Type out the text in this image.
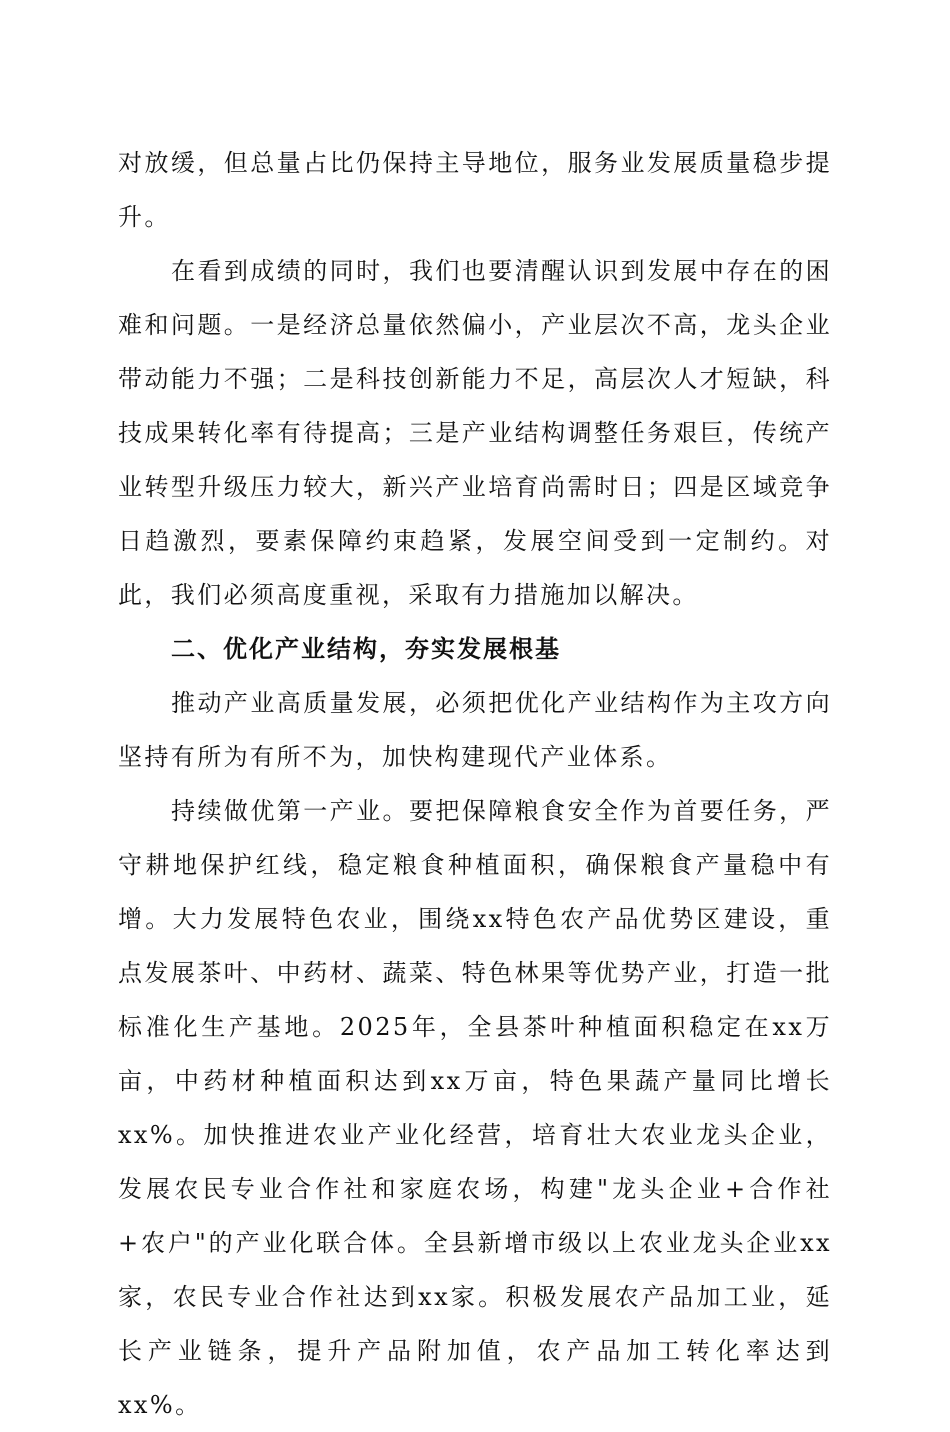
对放缓，但总量占比仍保持主导地位，服务业发展质量稳步提升。

在看到成绩的同时，我们也要清醒认识到发展中存在的困难和问题。一是经济总量依然偏小，产业层次不高，龙头企业带动能力不强；二是科技创新能力不足，高层次人才短缺，科技成果转化率有待提高；三是产业结构调整任务艰巨，传统产业转型升级压力较大，新兴产业培育尚需时日；四是区域竞争日趋激烈，要素保障约束趋紧，发展空间受到一定制约。对此，我们必须高度重视，采取有力措施加以解决。

二、优化产业结构，夯实发展根基

推动产业高质量发展，必须把优化产业结构作为主攻方向坚持有所为有所不为，加快构建现代产业体系。

持续做优第一产业。要把保障粮食安全作为首要任务，严守耕地保护红线，稳定粮食种植面积，确保粮食产量稳中有增。大力发展特色农业，围绕xx特色农产品优势区建设，重点发展茶叶、中药材、蔬菜、特色林果等优势产业，打造一批标准化生产基地。2025年，全县茶叶种植面积稳定在xx万亩，中药材种植面积达到xx万亩，特色果蔬产量同比增长xx%。加快推进农业产业化经营，培育壮大农业龙头企业，发展农民专业合作社和家庭农场，构建"龙头企业+合作社+农户"的产业化联合体。全县新增市级以上农业龙头企业xx家，农民专业合作社达到xx家。积极发展农产品加工业，延长产业链条，提升产品附加值，农产品加工转化率达到xx%。
